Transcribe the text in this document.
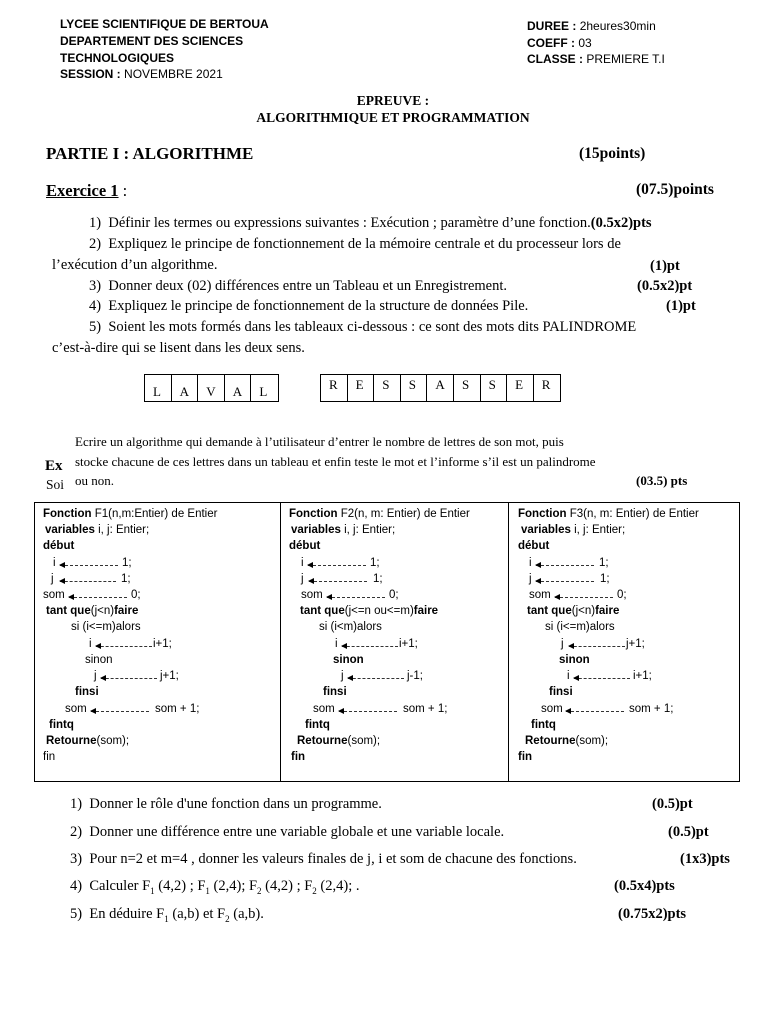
LYCEE SCIENTIFIQUE DE BERTOUA
DEPARTEMENT DES SCIENCES
TECHNOLOGIQUES
SESSION : NOVEMBRE 2021
DUREE : 2heures30min
COEFF : 03
CLASSE : PREMIERE T.I
EPREUVE :
ALGORITHMIQUE ET PROGRAMMATION
PARTIE I : ALGORITHME	(15points)
Exercice 1 :	(07.5)points
1) Définir les termes ou expressions suivantes : Exécution ; paramètre d’une fonction.(0.5x2)pts
2) Expliquez le principe de fonctionnement de la mémoire centrale et du processeur lors de
l’exécution d’un algorithme.	(1)pt
3) Donner deux (02) différences entre un Tableau et un Enregistrement.	(0.5x2)pt
4) Expliquez le principe de fonctionnement de la structure de données Pile.	(1)pt
5) Soient les mots formés dans les tableaux ci-dessous : ce sont des mots dits PALINDROME
c’est-à-dire qui se lisent dans les deux sens.
L A V A L	R E S S A S S E R
Ex
Soi
Ecrire un algorithme qui demande à l’utilisateur d’entrer le nombre de lettres de son mot, puis
stocke chacune de ces lettres dans un tableau et enfin teste le mot et l’informe s’il est un palindrome
ou non.	(03.5) pts
Fonction F1(n,m:Entier) de Entier
variables i, j: Entier;
début
i	1;
j	1;
som	0;
tant que(j<n)faire
si (i<=m)alors
i	i+1;
sinon
j	j+1;
finsi
som	som + 1;
fintq
Retourne(som);
fin
Fonction F2(n, m: Entier) de Entier
variables i, j: Entier;
début
i	1;
j	1;
som	0;
tant que(j<=n ou<=m)faire
si (i<m)alors
i	i+1;
sinon
j	j-1;
finsi
som	som + 1;
fintq
Retourne(som);
fin
Fonction F3(n, m: Entier) de Entier
variables i, j: Entier;
début
i	1;
j	1;
som	0;
tant que(j<n)faire
si (i<=m)alors
j	j+1;
sinon
i	i+1;
finsi
som	som + 1;
fintq
Retourne(som);
fin
1) Donner le rôle d'une fonction dans un programme.	(0.5)pt
2) Donner une différence entre une variable globale et une variable locale.	(0.5)pt
3) Pour n=2 et m=4 , donner les valeurs finales de j, i et som de chacune des fonctions.	(1x3)pts
4) Calculer $F_1$ (4,2) ; $F_1$ (2,4); $F_2$ (4,2) ; $F_2$ (2,4); .	(0.5x4)pts
5) En déduire $F_1$ (a,b) et $F_2$ (a,b).	(0.75x2)pts
